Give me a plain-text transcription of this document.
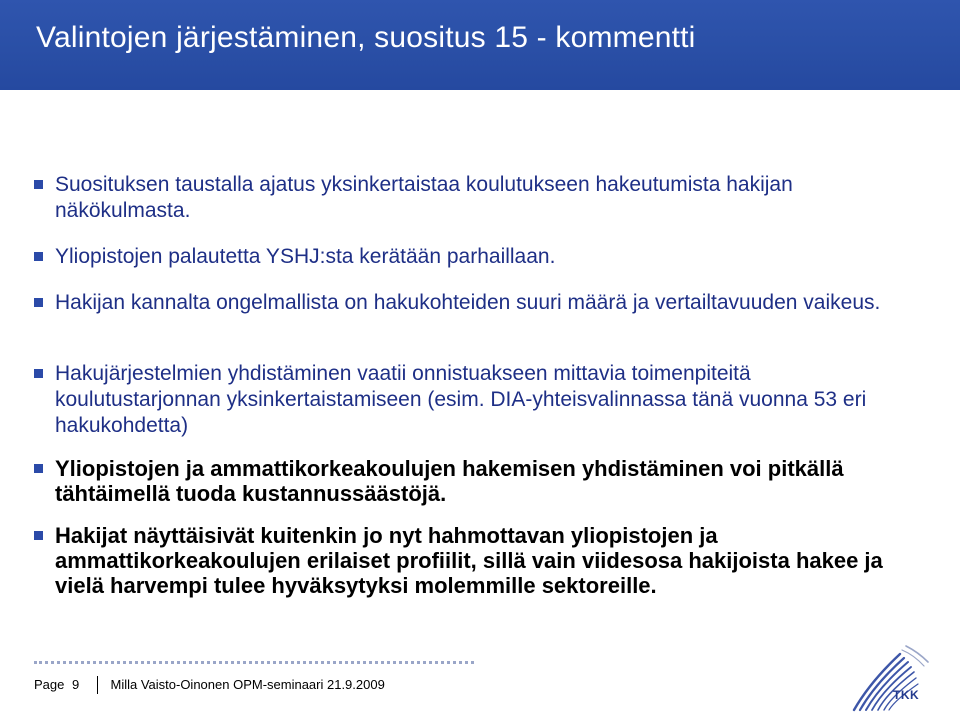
Valintojen järjestäminen, suositus 15 - kommentti

Suosituksen taustalla ajatus yksinkertaistaa koulutukseen hakeutumista hakijan näkökulmasta.

Yliopistojen palautetta YSHJ:sta kerätään parhaillaan.

Hakijan kannalta ongelmallista on hakukohteiden suuri määrä ja vertailtavuuden vaikeus.

Hakujärjestelmien yhdistäminen vaatii onnistuakseen mittavia toimenpiteitä koulutustarjonnan yksinkertaistamiseen (esim. DIA-yhteisvalinnassa tänä vuonna 53 eri hakukohdetta)

Yliopistojen ja ammattikorkeakoulujen hakemisen yhdistäminen voi pitkällä tähtäimellä tuoda kustannussäästöjä.

Hakijat näyttäisivät kuitenkin jo nyt hahmottavan yliopistojen ja ammattikorkeakoulujen erilaiset profiilit, sillä vain viidesosa hakijoista hakee ja vielä harvempi tulee hyväksytyksi molemmille sektoreille.

Page 9 Milla Vaisto-Oinonen OPM-seminaari 21.9.2009
TKK
